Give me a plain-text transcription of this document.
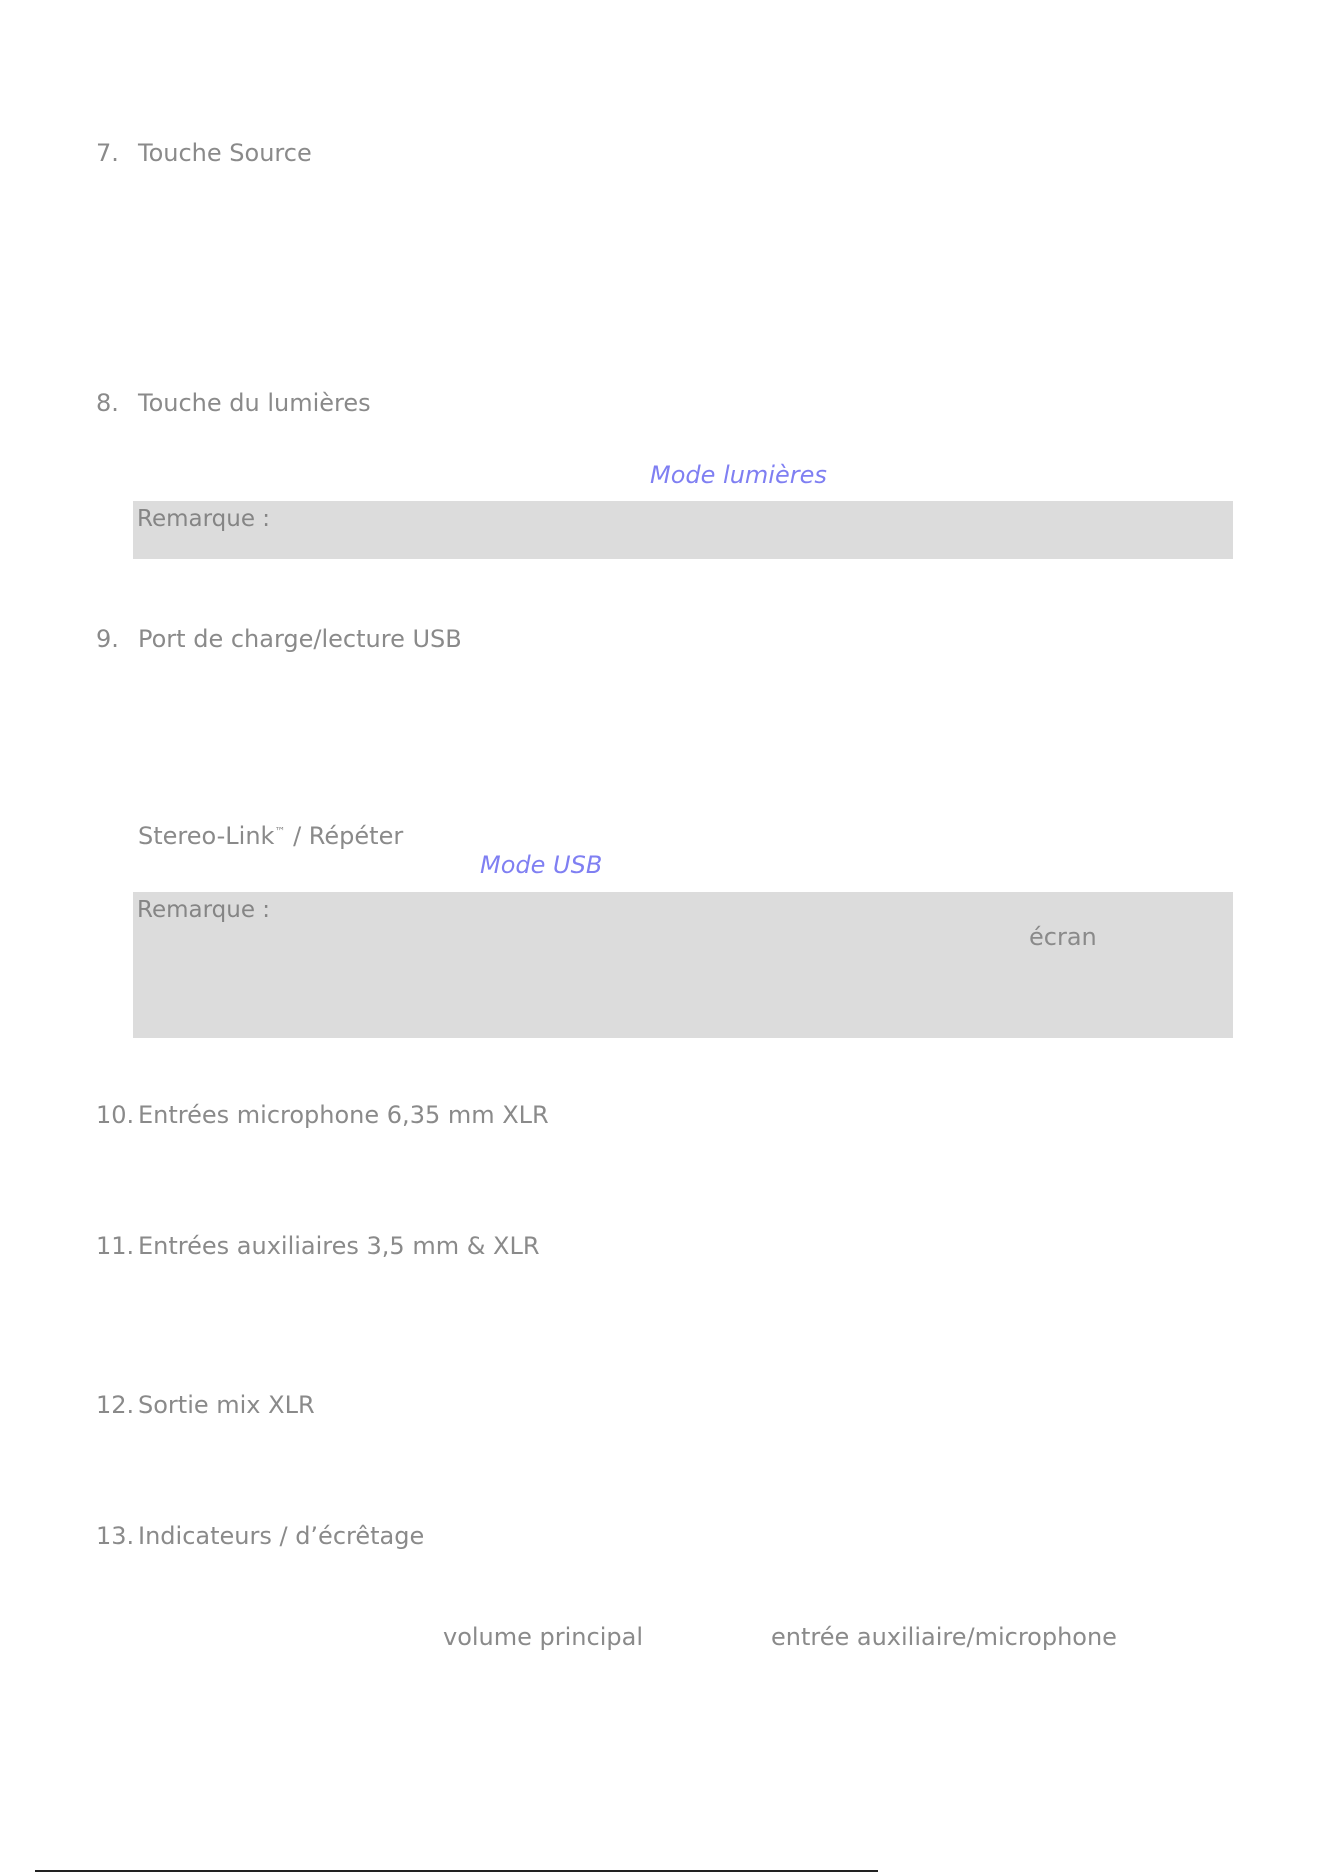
7. Touche Source
8. Touche du lumières
Mode lumières
Remarque :
9. Port de charge/lecture USB
Stereo-Link™ / Répéter
Mode USB
Remarque :
écran
10. Entrées microphone 6,35 mm XLR
11. Entrées auxiliaires 3,5 mm & XLR
12. Sortie mix XLR
13. Indicateurs / d’écrêtage
volume principal	entrée auxiliaire/microphone
